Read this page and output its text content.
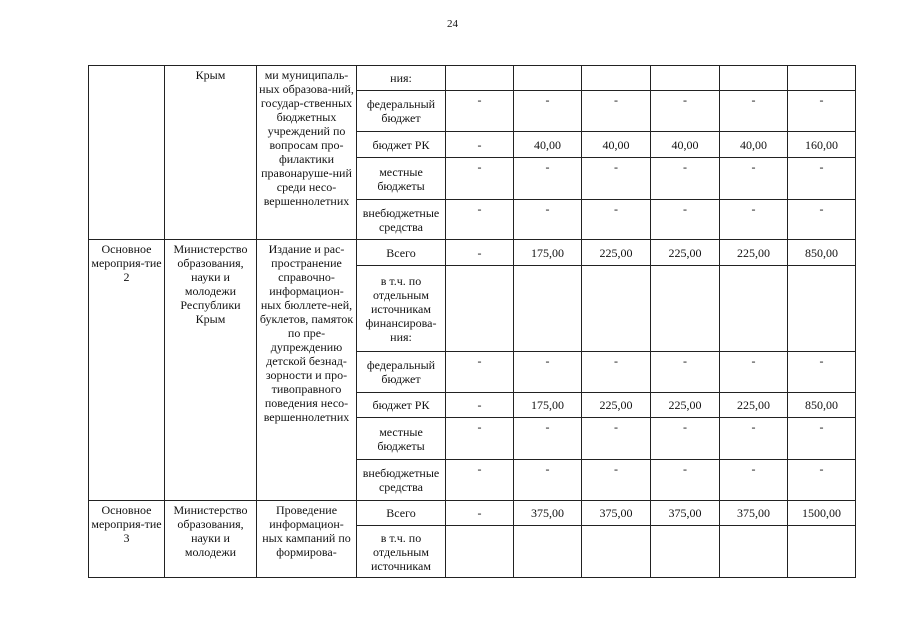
24
	Крым	ми муниципаль-ных образова-ний, государ-ственных бюджетных учреждений по вопросам про-филактики правонаруше-ний среди несо-вершеннолетних	ния:						
			федеральный бюджет	-	-	-	-	-	-
			бюджет РК	-	40,00	40,00	40,00	40,00	160,00
			местные бюджеты	-	-	-	-	-	-
			внебюджетные средства	-	-	-	-	-	-
Основное мероприя-тие 2	Министерство образования, науки и молодежи Республики Крым	Издание и рас-пространение справочно-информацион-ных бюллете-ней, буклетов, памяток по пре-дупреждению детской безнад-зорности и про-тивоправного поведения несо-вершеннолетних	Всего	-	175,00	225,00	225,00	225,00	850,00
			в т.ч. по отдельным источникам финансирова-ния:						
			федеральный бюджет	-	-	-	-	-	-
			бюджет РК	-	175,00	225,00	225,00	225,00	850,00
			местные бюджеты	-	-	-	-	-	-
			внебюджетные средства	-	-	-	-	-	-
Основное мероприя-тие 3	Министерство образования, науки и молодежи	Проведение информацион-ных кампаний по формирова-	Всего	-	375,00	375,00	375,00	375,00	1500,00
			в т.ч. по отдельным источникам						
